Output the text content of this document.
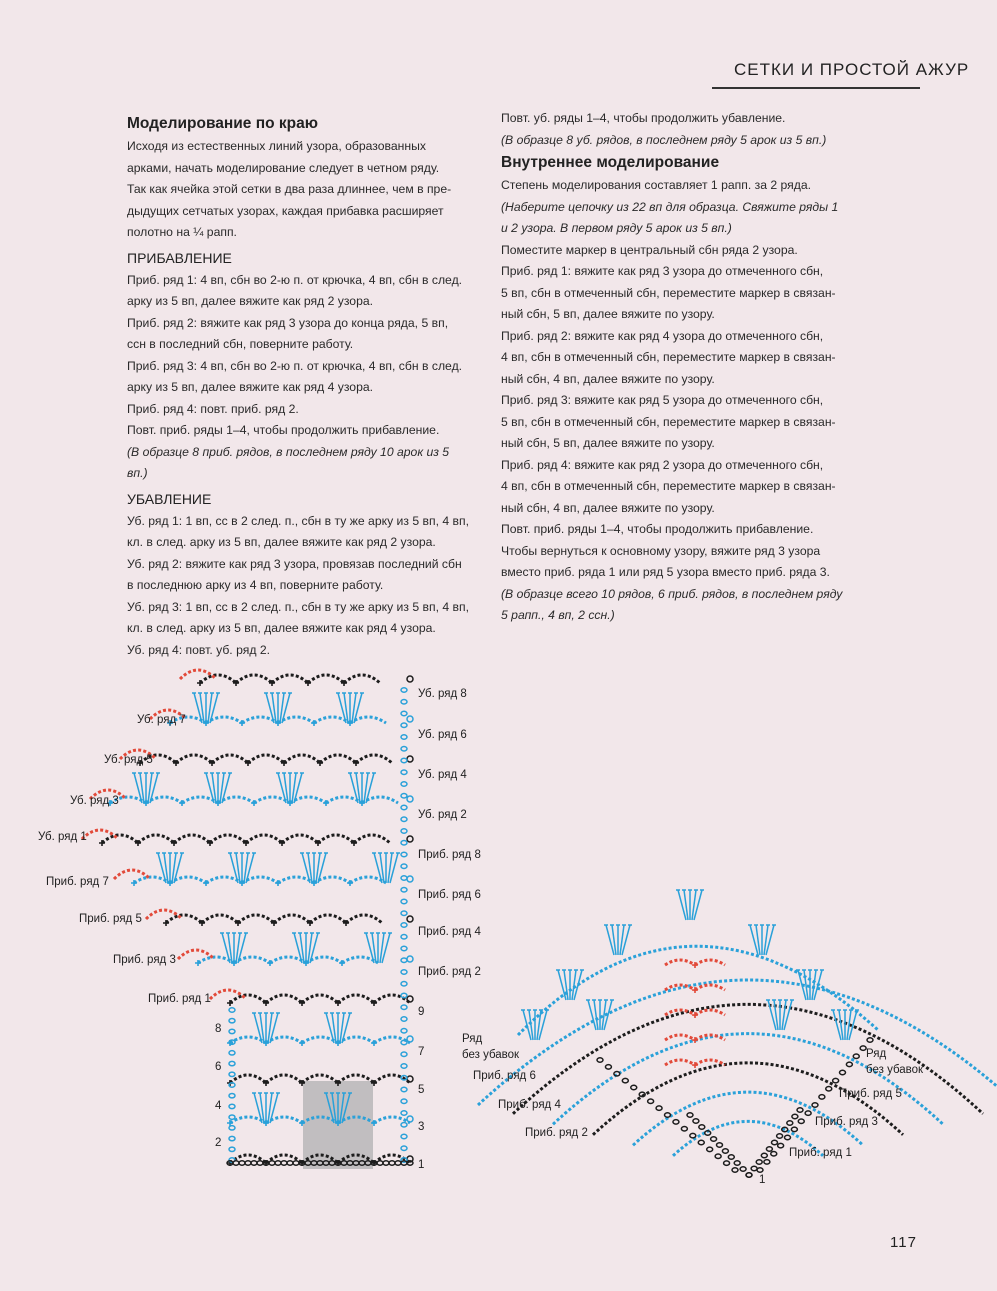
СЕТКИ И ПРОСТОЙ АЖУР

Моделирование по краю

Исходя из естественных линий узора, образованных

арками, начать моделирование следует в четном ряду.

Так как ячейка этой сетки в два раза длиннее, чем в пре-

дыдущих сетчатых узорах, каждая прибавка расширяет

полотно на ¼ рапп.

ПРИБАВЛЕНИЕ

Приб. ряд 1: 4 вп, сбн во 2-ю п. от крючка, 4 вп, сбн в след.

арку из 5 вп, далее вяжите как ряд 2 узора.

Приб. ряд 2: вяжите как ряд 3 узора до конца ряда, 5 вп,

ссн в последний сбн, поверните работу.

Приб. ряд 3: 4 вп, сбн во 2-ю п. от крючка, 4 вп, сбн в след.

арку из 5 вп, далее вяжите как ряд 4 узора.

Приб. ряд 4: повт. приб. ряд 2.

Повт. приб. ряды 1–4, чтобы продолжить прибавление.

(В образце 8 приб. рядов, в последнем ряду 10 арок из 5 вп.)

УБАВЛЕНИЕ

Уб. ряд 1: 1 вп, сс в 2 след. п., сбн в ту же арку из 5 вп, 4 вп,

кл. в след. арку из 5 вп, далее вяжите как ряд 2 узора.

Уб. ряд 2: вяжите как ряд 3 узора, провязав последний сбн

в последнюю арку из 4 вп, поверните работу.

Уб. ряд 3: 1 вп, сс в 2 след. п., сбн в ту же арку из 5 вп, 4 вп,

кл. в след. арку из 5 вп, далее вяжите как ряд 4 узора.

Уб. ряд 4: повт. уб. ряд 2.

Повт. уб. ряды 1–4, чтобы продолжить убавление.

(В образце 8 уб. рядов, в последнем ряду 5 арок из 5 вп.)

Внутреннее моделирование

Степень моделирования составляет 1 рапп. за 2 ряда.

(Наберите цепочку из 22 вп для образца. Свяжите ряды 1

и 2 узора. В первом ряду 5 арок из 5 вп.)

Поместите маркер в центральный сбн ряда 2 узора.

Приб. ряд 1: вяжите как ряд 3 узора до отмеченного сбн,

5 вп, сбн в отмеченный сбн, переместите маркер в связан-

ный сбн, 5 вп, далее вяжите по узору.

Приб. ряд 2: вяжите как ряд 4 узора до отмеченного сбн,

4 вп, сбн в отмеченный сбн, переместите маркер в связан-

ный сбн, 4 вп, далее вяжите по узору.

Приб. ряд 3: вяжите как ряд 5 узора до отмеченного сбн,

5 вп, сбн в отмеченный сбн, переместите маркер в связан-

ный сбн, 5 вп, далее вяжите по узору.

Приб. ряд 4: вяжите как ряд 2 узора до отмеченного сбн,

4 вп, сбн в отмеченный сбн, переместите маркер в связан-

ный сбн, 4 вп, далее вяжите по узору.

Повт. приб. ряды 1–4, чтобы продолжить прибавление.

Чтобы вернуться к основному узору, вяжите ряд 3 узора

вместо приб. ряда 1 или ряд 5 узора вместо приб. ряда 3.

(В образце всего 10 рядов, 6 приб. рядов, в последнем ряду

5 рапп., 4 вп, 2 ссн.)

Уб. ряд 8
Уб. ряд 6
Уб. ряд 4
Уб. ряд 2
Приб. ряд 8
Приб. ряд 6
Приб. ряд 4
Приб. ряд 2
9
7
5
3
1
Уб. ряд 7
Уб. ряд 5
Уб. ряд 3
Уб. ряд 1
Приб. ряд 7
Приб. ряд 5
Приб. ряд 3
Приб. ряд 1
8
6
4
2
Ряд
без убавок
Приб. ряд 6
Приб. ряд 4
Приб. ряд 2
Ряд
без убавок
Приб. ряд 5
Приб. ряд 3
Приб. ряд 1
1
117
